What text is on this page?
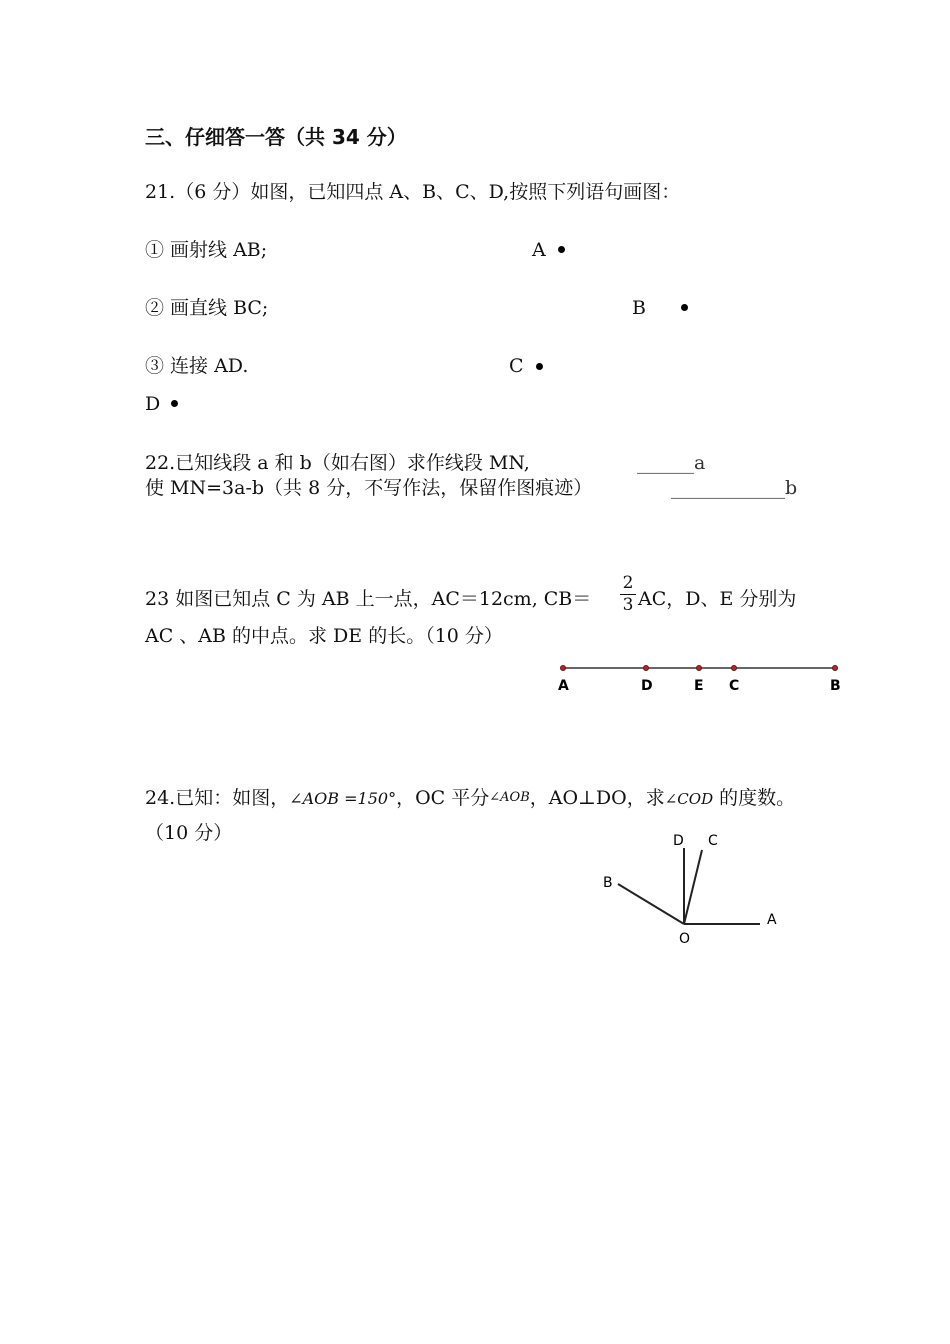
三、仔细答一答（共 34 分）
21.（6 分）如图，已知四点 A、B、C、D,按照下列语句画图：
① 画射线 AB;
② 画直线 BC;
③ 连接 AD.
A
B
C
D
22.已知线段 a 和 b（如右图）求作线段 MN,
使 MN=3a-b（共 8 分，不写作法，保留作图痕迹）
______a
____________b
23 如图已知点 C 为 AB 上一点，AC＝12cm, CB＝
2
3 AC，D、E 分别为
AC 、AB 的中点。求 DE 的长。（10 分）
A	D	E C	B
24.已知：如图，∠AOB =150°，OC 平分∠AOB，AO⊥DO，求∠COD 的度数。
（10 分）	D C
B
O
A
